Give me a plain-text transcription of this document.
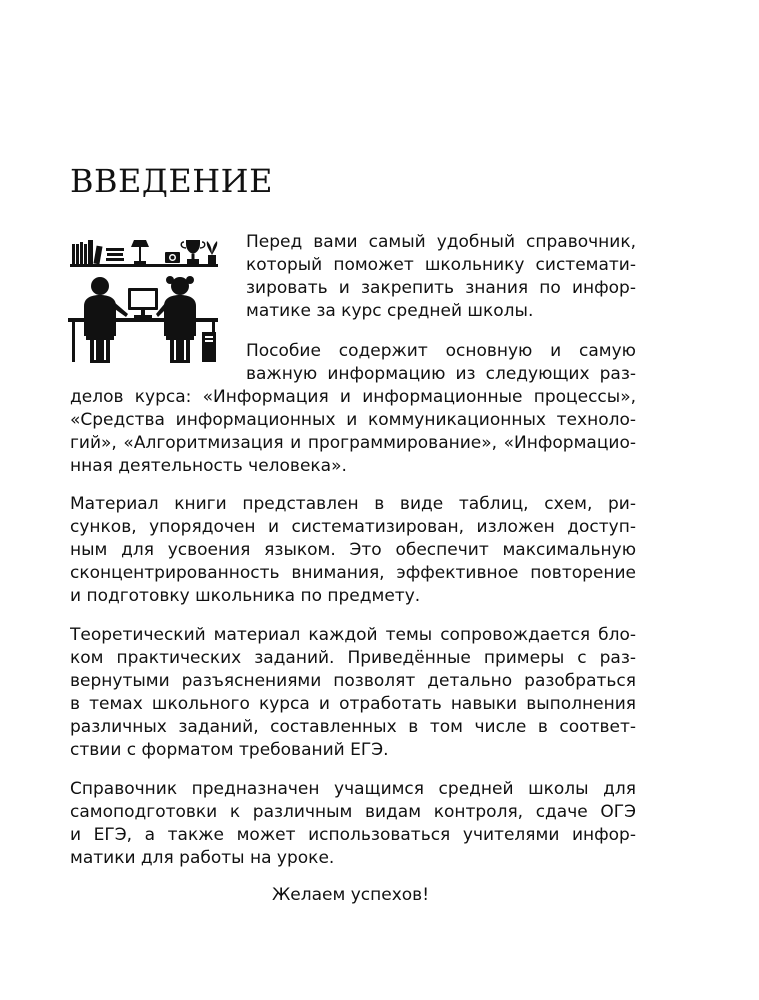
ВВЕДЕНИЕ
Перед вами самый удобный справочник,
который поможет школьнику системати-
зировать и закрепить знания по инфор-
матике за курс средней школы.
Пособие содержит основную и самую
важную информацию из следующих раз-
делов курса: «Информация и информационные процессы»,
«Средства информационных и коммуникационных техноло-
гий», «Алгоритмизация и программирование», «Информацио-
нная деятельность человека».
Материал книги представлен в виде таблиц, схем, ри-
сунков, упорядочен и систематизирован, изложен доступ-
ным для усвоения языком. Это обеспечит максимальную
сконцентрированность внимания, эффективное повторение
и подготовку школьника по предмету.
Теоретический материал каждой темы сопровождается бло-
ком практических заданий. Приведённые примеры с раз-
вернутыми разъяснениями позволят детально разобраться
в темах школьного курса и отработать навыки выполнения
различных заданий, составленных в том числе в соответ-
ствии с форматом требований ЕГЭ.
Справочник предназначен учащимся средней школы для
самоподготовки к различным видам контроля, сдаче ОГЭ
и ЕГЭ, а также может использоваться учителями инфор-
матики для работы на уроке.
Желаем успехов!
